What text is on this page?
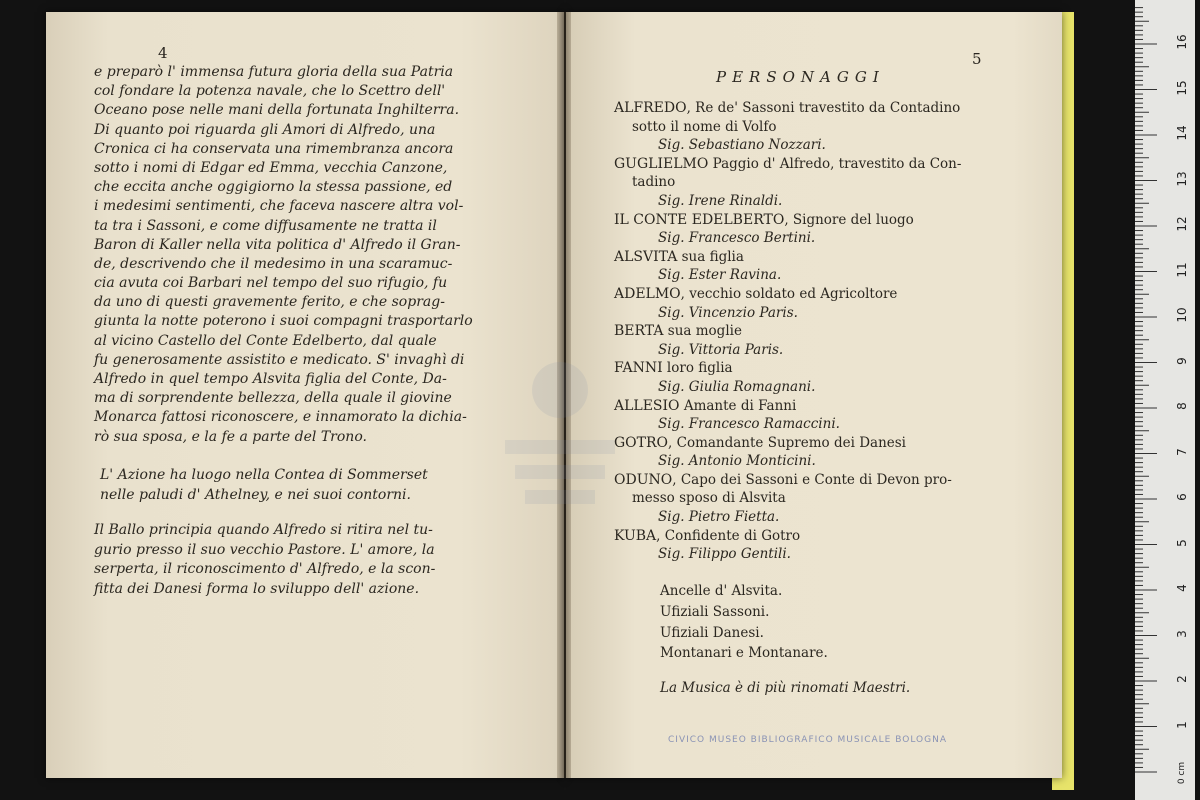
4
e preparò l' immensa futura gloria della sua Patria
col fondare la potenza navale, che lo Scettro dell'
Oceano pose nelle mani della fortunata Inghilterra.
Di quanto poi riguarda gli Amori di Alfredo, una
Cronica ci ha conservata una rimembranza ancora
sotto i nomi di Edgar ed Emma, vecchia Canzone,
che eccita anche oggigiorno la stessa passione, ed
i medesimi sentimenti, che faceva nascere altra vol-
ta tra i Sassoni, e come diffusamente ne tratta il
Baron di Kaller nella vita politica d' Alfredo il Gran-
de, descrivendo che il medesimo in una scaramuc-
cia avuta coi Barbari nel tempo del suo rifugio, fu
da uno di questi gravemente ferito, e che soprag-
giunta la notte poterono i suoi compagni trasportarlo
al vicino Castello del Conte Edelberto, dal quale
fu generosamente assistito e medicato. S' invaghì di
Alfredo in quel tempo Alsvita figlia del Conte, Da-
ma di sorprendente bellezza, della quale il giovine
Monarca fattosi riconoscere, e innamorato la dichia-
rò sua sposa, e la fe a parte del Trono.
L' Azione ha luogo nella Contea di Sommerset
nelle paludi d' Athelney, e nei suoi contorni.
Il Ballo principia quando Alfredo si ritira nel tu-
gurio presso il suo vecchio Pastore. L' amore, la
serperta, il riconoscimento d' Alfredo, e la scon-
fitta dei Danesi forma lo sviluppo dell' azione.
5
PERSONAGGI
ALFREDO, Re de' Sassoni travestito da Contadino
sotto il nome di Volfo
Sig. Sebastiano Nozzari.
GUGLIELMO Paggio d' Alfredo, travestito da Con-
tadino
Sig. Irene Rinaldi.
IL CONTE EDELBERTO, Signore del luogo
Sig. Francesco Bertini.
ALSVITA sua figlia
Sig. Ester Ravina.
ADELMO, vecchio soldato ed Agricoltore
Sig. Vincenzio Paris.
BERTA sua moglie
Sig. Vittoria Paris.
FANNI loro figlia
Sig. Giulia Romagnani.
ALLESIO Amante di Fanni
Sig. Francesco Ramaccini.
GOTRO, Comandante Supremo dei Danesi
Sig. Antonio Monticini.
ODUNO, Capo dei Sassoni e Conte di Devon pro-
messo sposo di Alsvita
Sig. Pietro Fietta.
KUBA, Confidente di Gotro
Sig. Filippo Gentili.
Ancelle d' Alsvita.
Ufiziali Sassoni.
Ufiziali Danesi.
Montanari e Montanare.
La Musica è di più rinomati Maestri.
CIVICO MUSEO BIBLIOGRAFICO MUSICALE BOLOGNA
0 cm
1
2
3
4
5
6
7
8
9
10
11
12
13
14
15
16
